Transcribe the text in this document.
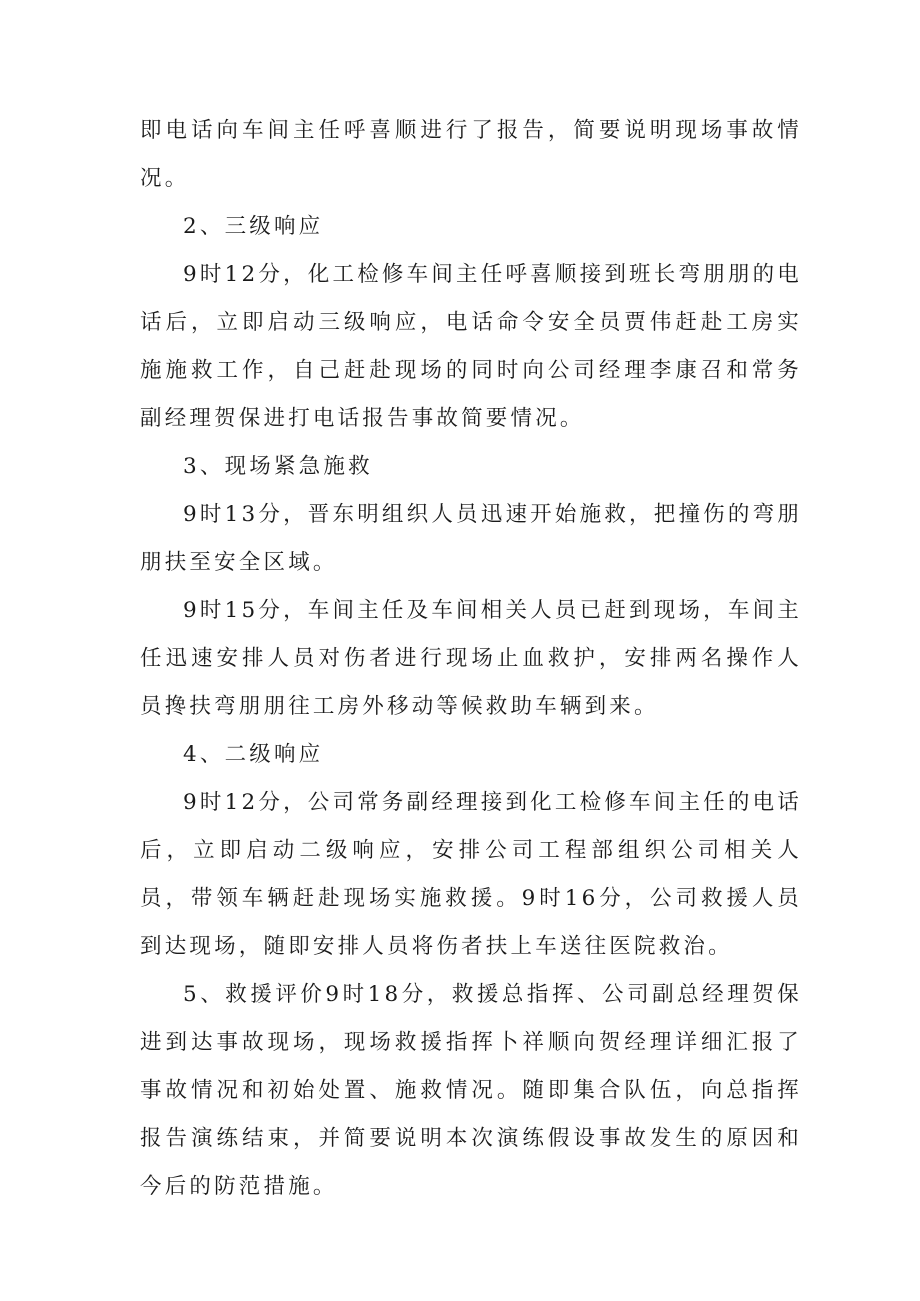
即电话向车间主任呼喜顺进行了报告，简要说明现场事故情况。

2、三级响应

9时12分，化工检修车间主任呼喜顺接到班长弯朋朋的电话后，立即启动三级响应，电话命令安全员贾伟赶赴工房实施施救工作，自己赶赴现场的同时向公司经理李康召和常务副经理贺保进打电话报告事故简要情况。

3、现场紧急施救

9时13分，晋东明组织人员迅速开始施救，把撞伤的弯朋朋扶至安全区域。

9时15分，车间主任及车间相关人员已赶到现场，车间主任迅速安排人员对伤者进行现场止血救护，安排两名操作人员搀扶弯朋朋往工房外移动等候救助车辆到来。

4、二级响应

9时12分，公司常务副经理接到化工检修车间主任的电话后，立即启动二级响应，安排公司工程部组织公司相关人员，带领车辆赶赴现场实施救援。9时16分，公司救援人员到达现场，随即安排人员将伤者扶上车送往医院救治。

5、救援评价9时18分，救援总指挥、公司副总经理贺保进到达事故现场，现场救援指挥卜祥顺向贺经理详细汇报了事故情况和初始处置、施救情况。随即集合队伍，向总指挥报告演练结束，并简要说明本次演练假设事故发生的原因和今后的防范措施。
